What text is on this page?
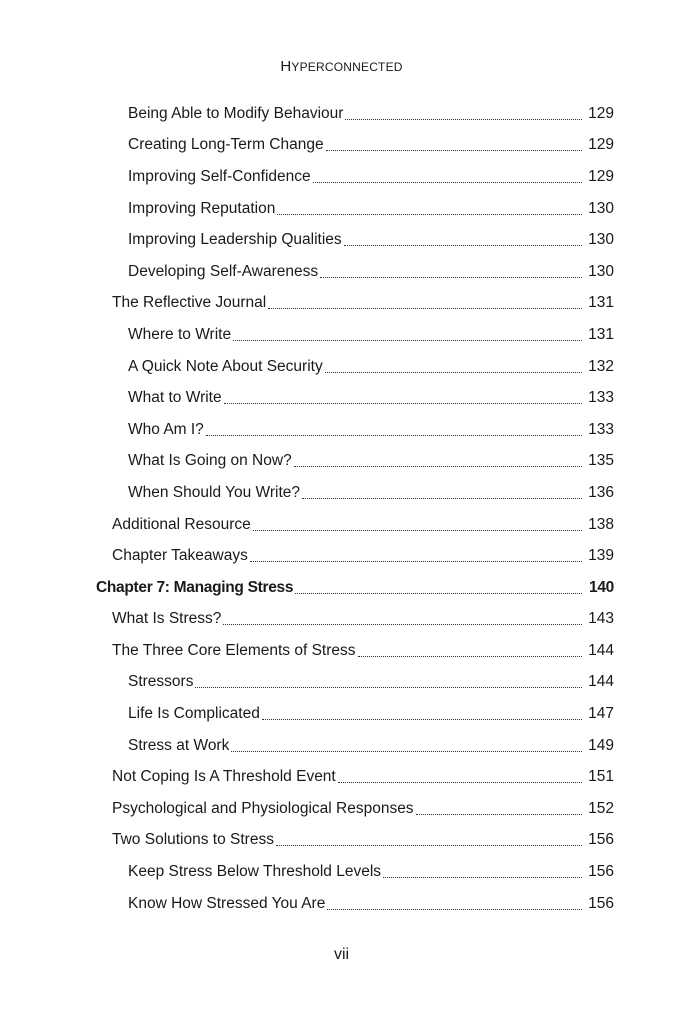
HYPERCONNECTED
Being Able to Modify Behaviour	129
Creating Long-Term Change	129
Improving Self-Confidence	129
Improving Reputation	130
Improving Leadership Qualities	130
Developing Self-Awareness	130
The Reflective Journal	131
Where to Write	131
A Quick Note About Security	132
What to Write	133
Who Am I?	133
What Is Going on Now?	135
When Should You Write?	136
Additional Resource	138
Chapter Takeaways	139
Chapter 7: Managing Stress	140
What Is Stress?	143
The Three Core Elements of Stress	144
Stressors	144
Life Is Complicated	147
Stress at Work	149
Not Coping Is A Threshold Event	151
Psychological and Physiological Responses	152
Two Solutions to Stress	156
Keep Stress Below Threshold Levels	156
Know How Stressed You Are	156
vii
